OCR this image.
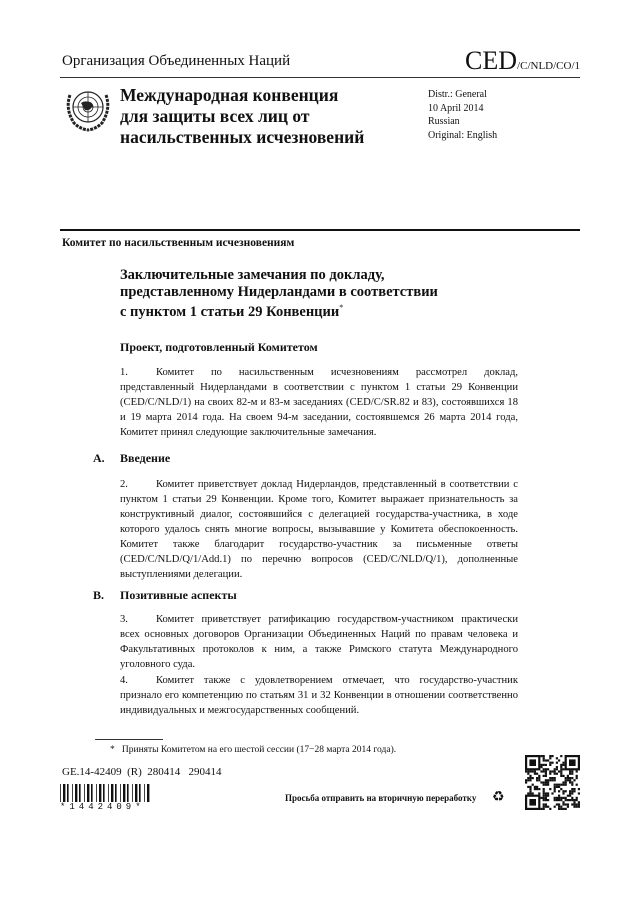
Организация Объединенных Наций	CED/C/NLD/CO/1
Международная конвенция
для защиты всех лиц от
насильственных исчезновений
Distr.: General
10 April 2014
Russian
Original: English
Комитет по насильственным исчезновениям
Заключительные замечания по докладу,
представленному Нидерландами в соответствии
с пунктом 1 статьи 29 Конвенции*
Проект, подготовленный Комитетом
1.	Комитет по насильственным исчезновениям рассмотрел доклад, представленный Нидерландами в соответствии с пунктом 1 статьи 29 Конвенции (CED/C/NLD/1) на своих 82-м и 83-м заседаниях (CED/C/SR.82 и 83), состоявшихся 18 и 19 марта 2014 года. На своем 94-м заседании, состоявшемся 26 марта 2014 года, Комитет принял следующие заключительные замечания.
A. Введение
2.	Комитет приветствует доклад Нидерландов, представленный в соответствии с пунктом 1 статьи 29 Конвенции. Кроме того, Комитет выражает признательность за конструктивный диалог, состоявшийся с делегацией государства-участника, в ходе которого удалось снять многие вопросы, вызывавшие у Комитета обеспокоенность. Комитет также благодарит государство-участник за письменные ответы (CED/C/NLD/Q/1/Add.1) по перечню вопросов (CED/C/NLD/Q/1), дополненные выступлениями делегации.
B. Позитивные аспекты
3.	Комитет приветствует ратификацию государством-участником практически всех основных договоров Организации Объединенных Наций по правам человека и Факультативных протоколов к ним, а также Римского статута Международного уголовного суда.
4.	Комитет также с удовлетворением отмечает, что государство-участник признало его компетенцию по статьям 31 и 32 Конвенции в отношении соответственно индивидуальных и межгосударственных сообщений.
*   Приняты Комитетом на его шестой сессии (17−28 марта 2014 года).
GE.14-42409  (R)  280414   290414
*1442409*
Просьба отправить на вторичную переработку ♻
